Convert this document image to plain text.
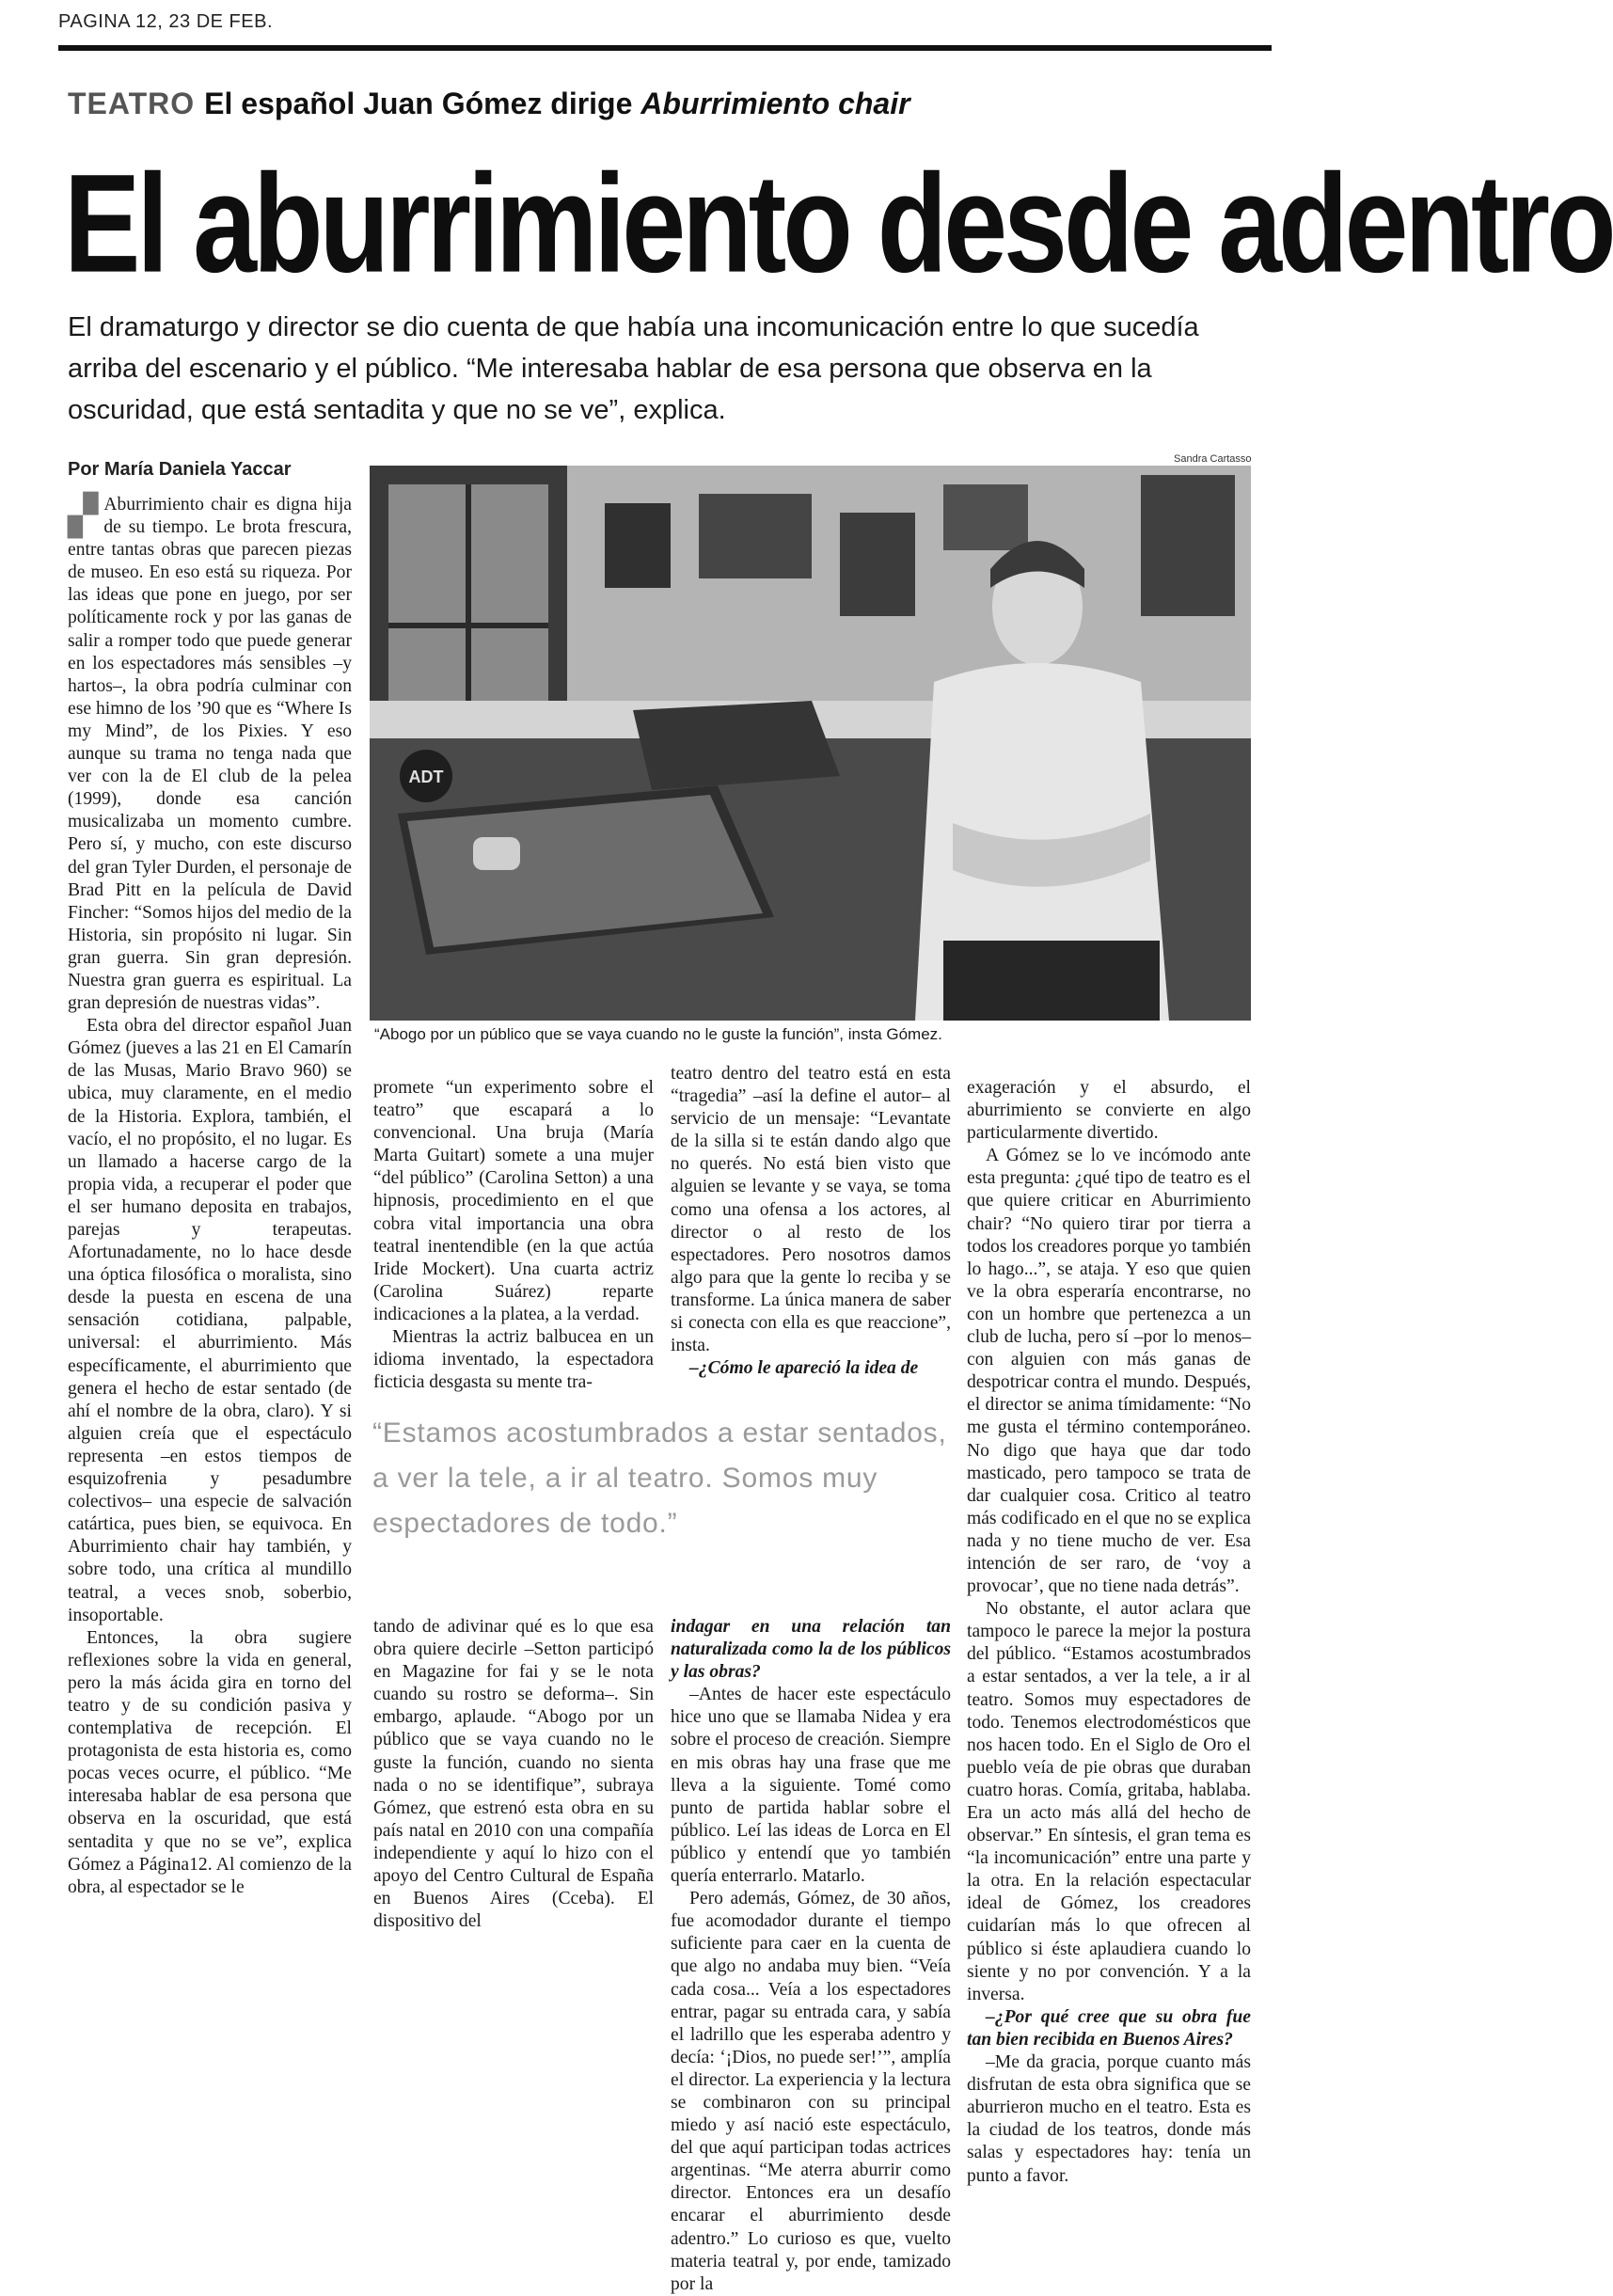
PAGINA 12, 23 DE FEB.
TEATRO El español Juan Gómez dirige Aburrimiento chair
El aburrimiento desde adentro
El dramaturgo y director se dio cuenta de que había una incomunicación entre lo que sucedía arriba del escenario y el público. “Me interesaba hablar de esa persona que observa en la oscuridad, que está sentadita y que no se ve”, explica.
Por María Daniela Yaccar	Sandra Cartasso
ADT
“Abogo por un público que se vaya cuando no le guste la función”, insta Gómez.

▞ Aburrimiento chair es digna hija de su tiempo. Le brota frescura, entre tantas obras que parecen piezas de museo. En eso está su riqueza. Por las ideas que pone en juego, por ser políticamente rock y por las ganas de salir a romper todo que puede generar en los espectadores más sensibles –y hartos–, la obra podría culminar con ese himno de los ’90 que es “Where Is my Mind”, de los Pixies. Y eso aunque su trama no tenga nada que ver con la de El club de la pelea (1999), donde esa canción musicalizaba un momento cumbre. Pero sí, y mucho, con este discurso del gran Tyler Durden, el personaje de Brad Pitt en la película de David Fincher: “Somos hijos del medio de la Historia, sin propósito ni lugar. Sin gran guerra. Sin gran depresión. Nuestra gran guerra es espiritual. La gran depresión de nuestras vidas”.

Esta obra del director español Juan Gómez (jueves a las 21 en El Camarín de las Musas, Mario Bravo 960) se ubica, muy claramente, en el medio de la Historia. Explora, también, el vacío, el no propósito, el no lugar. Es un llamado a hacerse cargo de la propia vida, a recuperar el poder que el ser humano deposita en trabajos, parejas y terapeutas. Afortunadamente, no lo hace desde una óptica filosófica o moralista, sino desde la puesta en escena de una sensación cotidiana, palpable, universal: el aburrimiento. Más específicamente, el aburrimiento que genera el hecho de estar sentado (de ahí el nombre de la obra, claro). Y si alguien creía que el espectáculo representa –en estos tiempos de esquizofrenia y pesadumbre colectivos– una especie de salvación catártica, pues bien, se equivoca. En Aburrimiento chair hay también, y sobre todo, una crítica al mundillo teatral, a veces snob, soberbio, insoportable.

Entonces, la obra sugiere reflexiones sobre la vida en general, pero la más ácida gira en torno del teatro y de su condición pasiva y contemplativa de recepción. El protagonista de esta historia es, como pocas veces ocurre, el público. “Me interesaba hablar de esa persona que observa en la oscuridad, que está sentadita y que no se ve”, explica Gómez a Página12. Al comienzo de la obra, al espectador se le

promete “un experimento sobre el teatro” que escapará a lo convencional. Una bruja (María Marta Guitart) somete a una mujer “del público” (Carolina Setton) a una hipnosis, procedimiento en el que cobra vital importancia una obra teatral inentendible (en la que actúa Iride Mockert). Una cuarta actriz (Carolina Suárez) reparte indicaciones a la platea, a la verdad.

Mientras la actriz balbucea en un idioma inventado, la espectadora ficticia desgasta su mente tra-

teatro dentro del teatro está en esta “tragedia” –así la define el autor– al servicio de un mensaje: “Levantate de la silla si te están dando algo que no querés. No está bien visto que alguien se levante y se vaya, se toma como una ofensa a los actores, al director o al resto de los espectadores. Pero nosotros damos algo para que la gente lo reciba y se transforme. La única manera de saber si conecta con ella es que reaccione”, insta.

–¿Cómo le apareció la idea de

“Estamos acostumbrados a estar sentados, a ver la tele, a ir al teatro. Somos muy espectadores de todo.”

tando de adivinar qué es lo que esa obra quiere decirle –Setton participó en Magazine for fai y se le nota cuando su rostro se deforma–. Sin embargo, aplaude. “Abogo por un público que se vaya cuando no le guste la función, cuando no sienta nada o no se identifique”, subraya Gómez, que estrenó esta obra en su país natal en 2010 con una compañía independiente y aquí lo hizo con el apoyo del Centro Cultural de España en Buenos Aires (Cceba). El dispositivo del

indagar en una relación tan naturalizada como la de los públicos y las obras?

–Antes de hacer este espectáculo hice uno que se llamaba Nidea y era sobre el proceso de creación. Siempre en mis obras hay una frase que me lleva a la siguiente. Tomé como punto de partida hablar sobre el público. Leí las ideas de Lorca en El público y entendí que yo también quería enterrarlo. Matarlo.

Pero además, Gómez, de 30 años, fue acomodador durante el tiempo suficiente para caer en la cuenta de que algo no andaba muy bien. “Veía cada cosa... Veía a los espectadores entrar, pagar su entrada cara, y sabía el ladrillo que les esperaba adentro y decía: ‘¡Dios, no puede ser!’”, amplía el director. La experiencia y la lectura se combinaron con su principal miedo y así nació este espectáculo, del que aquí participan todas actrices argentinas. “Me aterra aburrir como director. Entonces era un desafío encarar el aburrimiento desde adentro.” Lo curioso es que, vuelto materia teatral y, por ende, tamizado por la

exageración y el absurdo, el aburrimiento se convierte en algo particularmente divertido.

A Gómez se lo ve incómodo ante esta pregunta: ¿qué tipo de teatro es el que quiere criticar en Aburrimiento chair? “No quiero tirar por tierra a todos los creadores porque yo también lo hago...”, se ataja. Y eso que quien ve la obra esperaría encontrarse, no con un hombre que pertenezca a un club de lucha, pero sí –por lo menos– con alguien con más ganas de despotricar contra el mundo. Después, el director se anima tímidamente: “No me gusta el término contemporáneo. No digo que haya que dar todo masticado, pero tampoco se trata de dar cualquier cosa. Critico al teatro más codificado en el que no se explica nada y no tiene mucho de ver. Esa intención de ser raro, de ‘voy a provocar’, que no tiene nada detrás”.

No obstante, el autor aclara que tampoco le parece la mejor la postura del público. “Estamos acostumbrados a estar sentados, a ver la tele, a ir al teatro. Somos muy espectadores de todo. Tenemos electrodomésticos que nos hacen todo. En el Siglo de Oro el pueblo veía de pie obras que duraban cuatro horas. Comía, gritaba, hablaba. Era un acto más allá del hecho de observar.” En síntesis, el gran tema es “la incomunicación” entre una parte y la otra. En la relación espectacular ideal de Gómez, los creadores cuidarían más lo que ofrecen al público si éste aplaudiera cuando lo siente y no por convención. Y a la inversa.

–¿Por qué cree que su obra fue tan bien recibida en Buenos Aires?

–Me da gracia, porque cuanto más disfrutan de esta obra significa que se aburrieron mucho en el teatro. Esta es la ciudad de los teatros, donde más salas y espectadores hay: tenía un punto a favor.
